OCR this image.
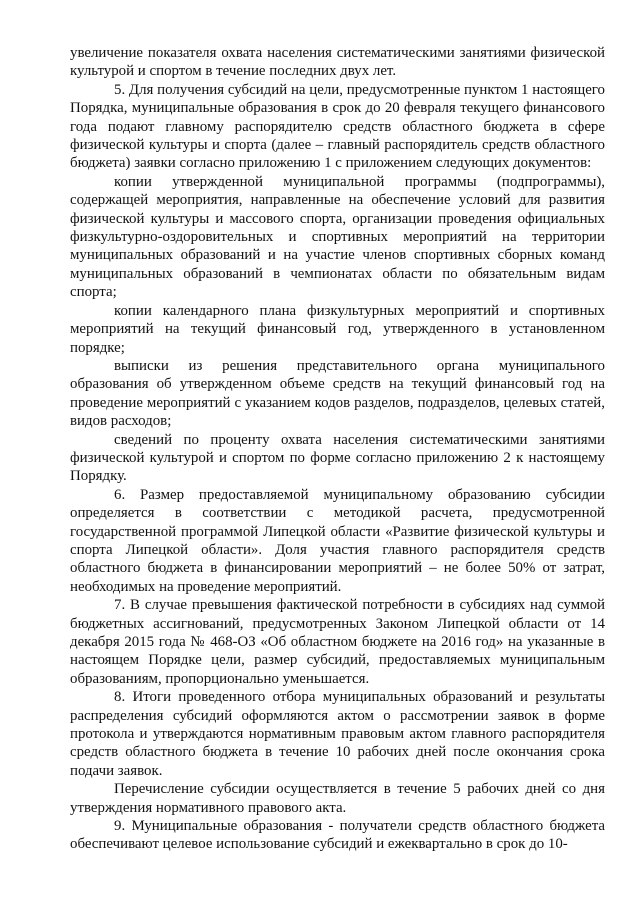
увеличение показателя охвата населения систематическими занятиями физической культурой и спортом в течение последних двух лет.

5. Для получения субсидий на цели, предусмотренные пунктом 1 настоящего Порядка, муниципальные образования в срок до 20 февраля текущего финансового года подают главному распорядителю средств областного бюджета в сфере физической культуры и спорта (далее – главный распорядитель средств областного бюджета) заявки согласно приложению 1 с приложением следующих документов:

копии утвержденной муниципальной программы (подпрограммы), содержащей мероприятия, направленные на обеспечение условий для развития физической культуры и массового спорта, организации проведения официальных физкультурно-оздоровительных и спортивных мероприятий на территории муниципальных образований и на участие членов спортивных сборных команд муниципальных образований в чемпионатах области по обязательным видам спорта;

копии календарного плана физкультурных мероприятий и спортивных мероприятий на текущий финансовый год, утвержденного в установленном порядке;

выписки из решения представительного органа муниципального образования об утвержденном объеме средств на текущий финансовый год на проведение мероприятий с указанием кодов разделов, подразделов, целевых статей, видов расходов;

сведений по проценту охвата населения систематическими занятиями физической культурой и спортом по форме согласно приложению 2 к настоящему Порядку.

6. Размер предоставляемой муниципальному образованию субсидии определяется в соответствии с методикой расчета, предусмотренной государственной программой Липецкой области «Развитие физической культуры и спорта Липецкой области». Доля участия главного распорядителя средств областного бюджета в финансировании мероприятий – не более 50% от затрат, необходимых на проведение мероприятий.

7. В случае превышения фактической потребности в субсидиях над суммой бюджетных ассигнований, предусмотренных Законом Липецкой области от 14 декабря 2015 года № 468-ОЗ «Об областном бюджете на 2016 год» на указанные в настоящем Порядке цели, размер субсидий, предоставляемых муниципальным образованиям, пропорционально уменьшается.

8. Итоги проведенного отбора муниципальных образований и результаты распределения субсидий оформляются актом о рассмотрении заявок в форме протокола и утверждаются нормативным правовым актом главного распорядителя средств областного бюджета в течение 10 рабочих дней после окончания срока подачи заявок.

Перечисление субсидии осуществляется в течение 5 рабочих дней со дня утверждения нормативного правового акта.

9. Муниципальные образования - получатели средств областного бюджета обеспечивают целевое использование субсидий и ежеквартально в срок до 10-
